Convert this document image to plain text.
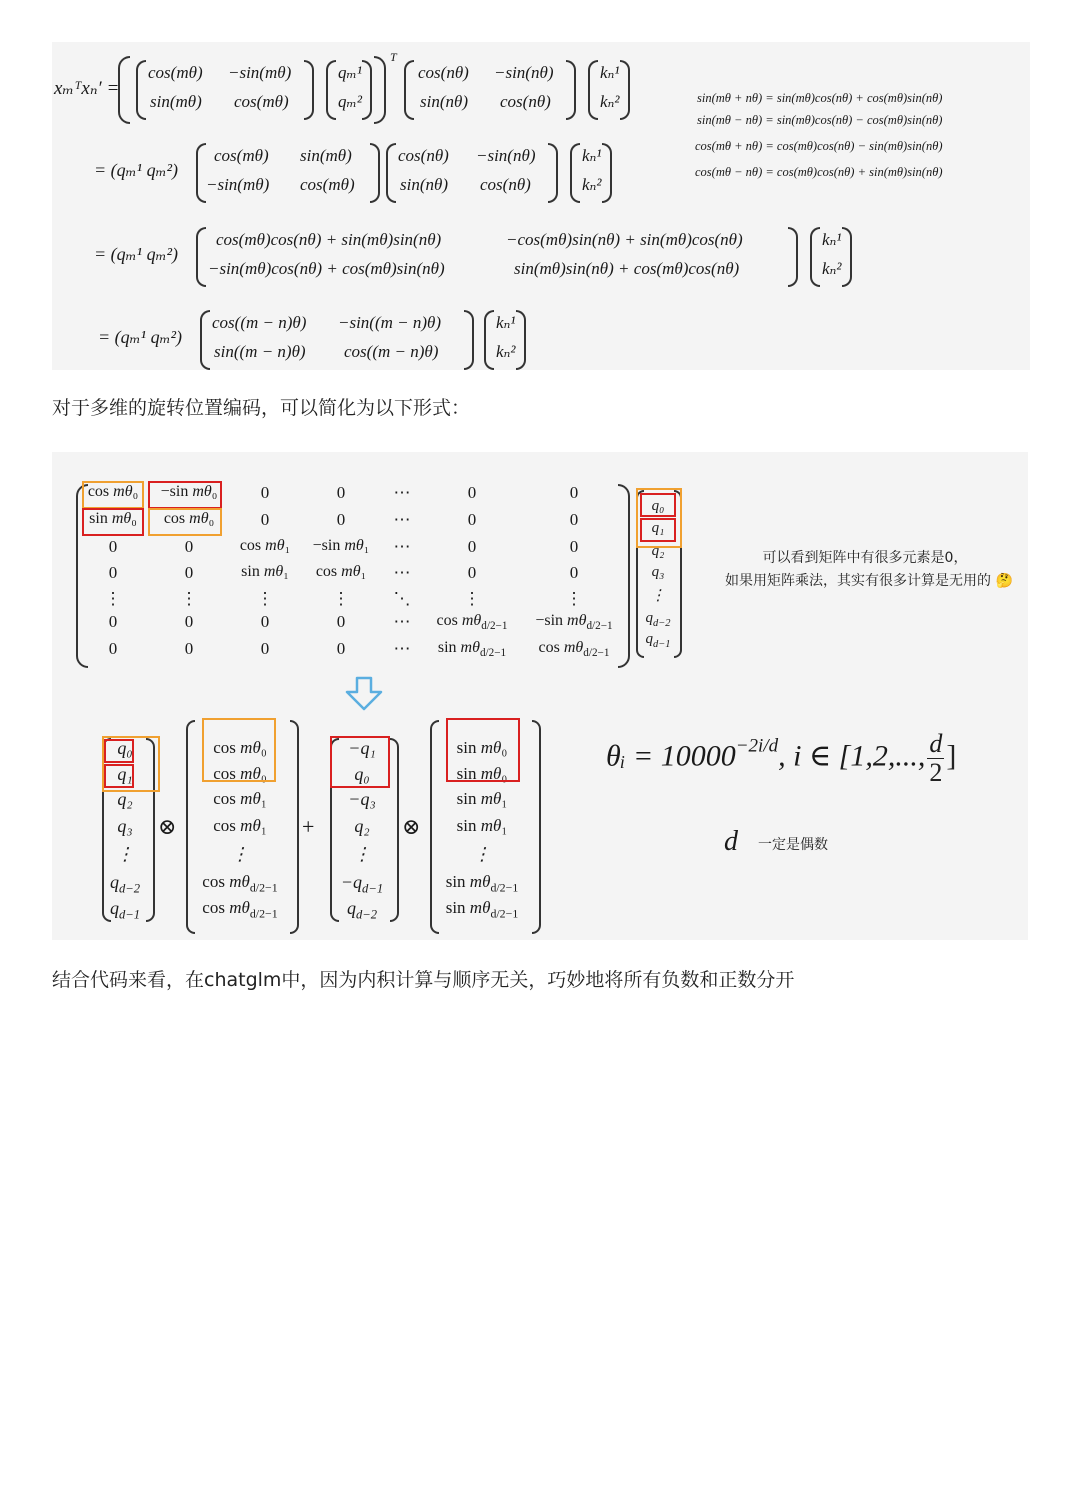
xₘᵀxₙ′ =
cos(mθ) −sin(mθ)
sin(mθ) cos(mθ)
qₘ¹
qₘ²
T
cos(nθ) −sin(nθ)
sin(nθ) cos(nθ)
kₙ¹
kₙ²	sin(mθ + nθ) = sin(mθ)cos(nθ) + cos(mθ)sin(nθ)
sin(mθ − nθ) = sin(mθ)cos(nθ) − cos(mθ)sin(nθ)
cos(mθ + nθ) = cos(mθ)cos(nθ) − sin(mθ)sin(nθ)
cos(mθ − nθ) = cos(mθ)cos(nθ) + sin(mθ)sin(nθ)
= (qₘ¹ qₘ²)
cos(mθ) sin(mθ)
−sin(mθ) cos(mθ)
cos(nθ) −sin(nθ)
sin(nθ) cos(nθ)
kₙ¹
kₙ²
= (qₘ¹ qₘ²)
cos(mθ)cos(nθ) + sin(mθ)sin(nθ)	−cos(mθ)sin(nθ) + sin(mθ)cos(nθ)
−sin(mθ)cos(nθ) + cos(mθ)sin(nθ)	sin(mθ)sin(nθ) + cos(mθ)cos(nθ)
kₙ¹
kₙ²
= (qₘ¹ qₘ²)
cos((m − n)θ) −sin((m − n)θ)
sin((m − n)θ) cos((m − n)θ)
kₙ¹
kₙ²
对于多维的旋转位置编码，可以简化为以下形式：
cos mθ₀	−sin mθ₀	0	0	⋯	0	0
sin mθ₀	cos mθ₀	0	0	⋯	0	0
0	0	cos mθ₁	−sin mθ₁	⋯	0	0
0	0	sin mθ₁	cos mθ₁	⋯	0	0
⋮	⋮	⋮	⋮	⋱	⋮	⋮
0	0	0	0	⋯	$\cos m\theta_{d/2-1}$	−sin $m\theta_{d/2-1}$
0	0	0	0	⋯	$\sin m\theta_{d/2-1}$	$\cos m\theta_{d/2-1}$
q₀
q₁
q₂
q₃
⋮
$q_{d-2}$
$q_{d-1}$
可以看到矩阵中有很多元素是0，
如果用矩阵乘法，其实有很多计算是无用的 🤔
q₀
q₁
q₂
q₃
⋮
$q_{d-2}$
$q_{d-1}$
cos mθ₀
cos mθ₀
cos mθ₁
cos mθ₁
⋮
$\cos m\theta_{d/2-1}$
$\cos m\theta_{d/2-1}$
−q₁
q₀
−q₃
q₂
⋮
$-q_{d-1}$
$q_{d-2}$
sin mθ₀
sin mθ₀
sin mθ₁
sin mθ₁
⋮
$\sin m\theta_{d/2-1}$
$\sin m\theta_{d/2-1}$
⊗	+	⊗
θᵢ = $10000^{-2i/d}$, i ∈ [1,2,..., $\frac{d}{2}$ ]
d 一定是偶数
结合代码来看，在chatglm中，因为内积计算与顺序无关，巧妙地将所有负数和正数分开
